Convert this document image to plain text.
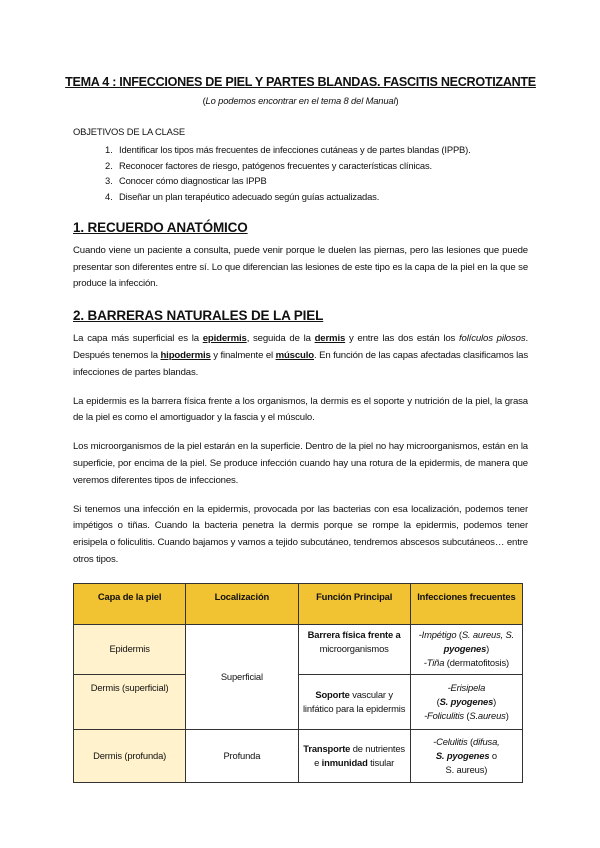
TEMA 4 : INFECCIONES DE PIEL Y PARTES BLANDAS. FASCITIS NECROTIZANTE
(Lo podemos encontrar en el tema 8 del Manual)
OBJETIVOS DE LA CLASE
1. Identificar los tipos más frecuentes de infecciones cutáneas y de partes blandas (IPPB).
2. Reconocer factores de riesgo, patógenos frecuentes y características clínicas.
3. Conocer cómo diagnosticar las IPPB
4. Diseñar un plan terapéutico adecuado según guías actualizadas.
1. RECUERDO ANATÓMICO

Cuando viene un paciente a consulta, puede venir porque le duelen las piernas, pero las lesiones que puede presentar son diferentes entre sí. Lo que diferencian las lesiones de este tipo es la capa de la piel en la que se produce la infección.

2. BARRERAS NATURALES DE LA PIEL

La capa más superficial es la epidermis, seguida de la dermis y entre las dos están los folículos pilosos. Después tenemos la hipodermis y finalmente el músculo. En función de las capas afectadas clasificamos las infecciones de partes blandas.

La epidermis es la barrera física frente a los organismos, la dermis es el soporte y nutrición de la piel, la grasa de la piel es como el amortiguador y la fascia y el músculo.

Los microorganismos de la piel estarán en la superficie. Dentro de la piel no hay microorganismos, están en la superficie, por encima de la piel. Se produce infección cuando hay una rotura de la epidermis, de manera que veremos diferentes tipos de infecciones.

Si tenemos una infección en la epidermis, provocada por las bacterias con esa localización, podemos tener impétigos o tiñas. Cuando la bacteria penetra la dermis porque se rompe la epidermis, podemos tener erisipela o foliculitis. Cuando bajamos y vamos a tejido subcutáneo, tendremos abscesos subcutáneos… entre otros tipos.

Capa de la piel	Localización	Función Principal	Infecciones frecuentes
Epidermis	Superficial	Barrera física frente a microorganismos	-Impétigo (S. aureus, S. pyogenes)
-Tiña (dermatofitosis)
Dermis (superficial)		Soporte vascular y linfático para la epidermis	-Erisipela
(S. pyogenes)
-Foliculitis (S.aureus)
Dermis (profunda)	Profunda	Transporte de nutrientes e inmunidad tisular	-Celulitis (difusa,
S. pyogenes o
S. aureus)
